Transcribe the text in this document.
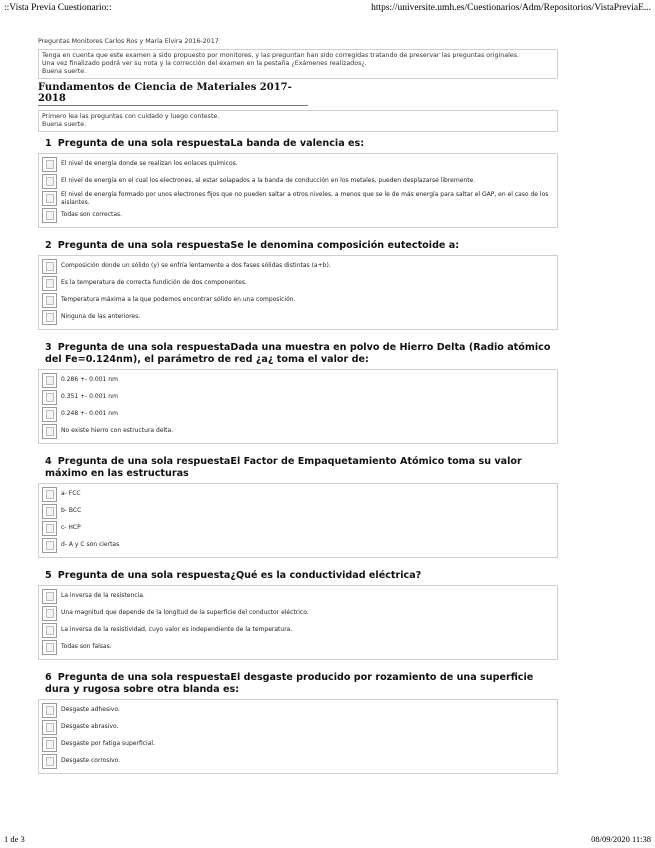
::Vista Previa Cuestionario::	https://universite.umh.es/Cuestionarios/Adm/Repositorios/VistaPreviaE...
Preguntas Monitores Carlos Ros y María Elvira 2016-2017
Tenga en cuenta que este examen a sido propuesto por monitores, y las preguntan han sido corregidas tratando de preservar las preguntas originales.
Una vez finalizado podrá ver su nota y la corrección del examen en la pestaña ¿Exámenes realizados¿.
Buena suerte.
Fundamentos de Ciencia de Materiales 2017-2018
Primero lea las preguntas con cuidado y luego conteste.
Buena suerte.
1 Pregunta de una sola respuestaLa banda de valencia es:
El nivel de energía donde se realizan los enlaces químicos.
El nivel de energía en el cual los electrones, al estar solapados a la banda de conducción en los metales, pueden desplazarse libremente.
El nivel de energía formado por unos electrones fijos que no pueden saltar a otros niveles, a menos que se le de más energía para saltar el GAP, en el caso de los aislantes.
Todas son correctas.
2 Pregunta de una sola respuestaSe le denomina composición eutectoide a:
Composición donde un sólido (y) se enfría lentamente a dos fases sólidas distintas (a+b).
Es la temperatura de correcta fundición de dos componentes.
Temperatura máxima a la que podemos encontrar sólido en una composición.
Ninguna de las anteriores.
3 Pregunta de una sola respuestaDada una muestra en polvo de Hierro Delta (Radio atómico del Fe=0.124nm), el parámetro de red ¿a¿ toma el valor de:
0.286 +- 0.001 nm
0.351 +- 0.001 nm
0.248 +- 0.001 nm
No existe hierro con estructura delta.
4 Pregunta de una sola respuestaEl Factor de Empaquetamiento Atómico toma su valor máximo en las estructuras
a- FCC
b- BCC
c- HCP
d- A y C son ciertas
5 Pregunta de una sola respuesta¿Qué es la conductividad eléctrica?
La inversa de la resistencia.
Una magnitud que depende de la longitud de la superficie del conductor eléctrico.
La inversa de la resistividad, cuyo valor es independiente de la temperatura.
Todas son falsas.
6 Pregunta de una sola respuestaEl desgaste producido por rozamiento de una superficie dura y rugosa sobre otra blanda es:
Desgaste adhesivo.
Desgaste abrasivo.
Desgaste por fatiga superficial.
Desgaste corrosivo.
1 de 3	08/09/2020 11:38
